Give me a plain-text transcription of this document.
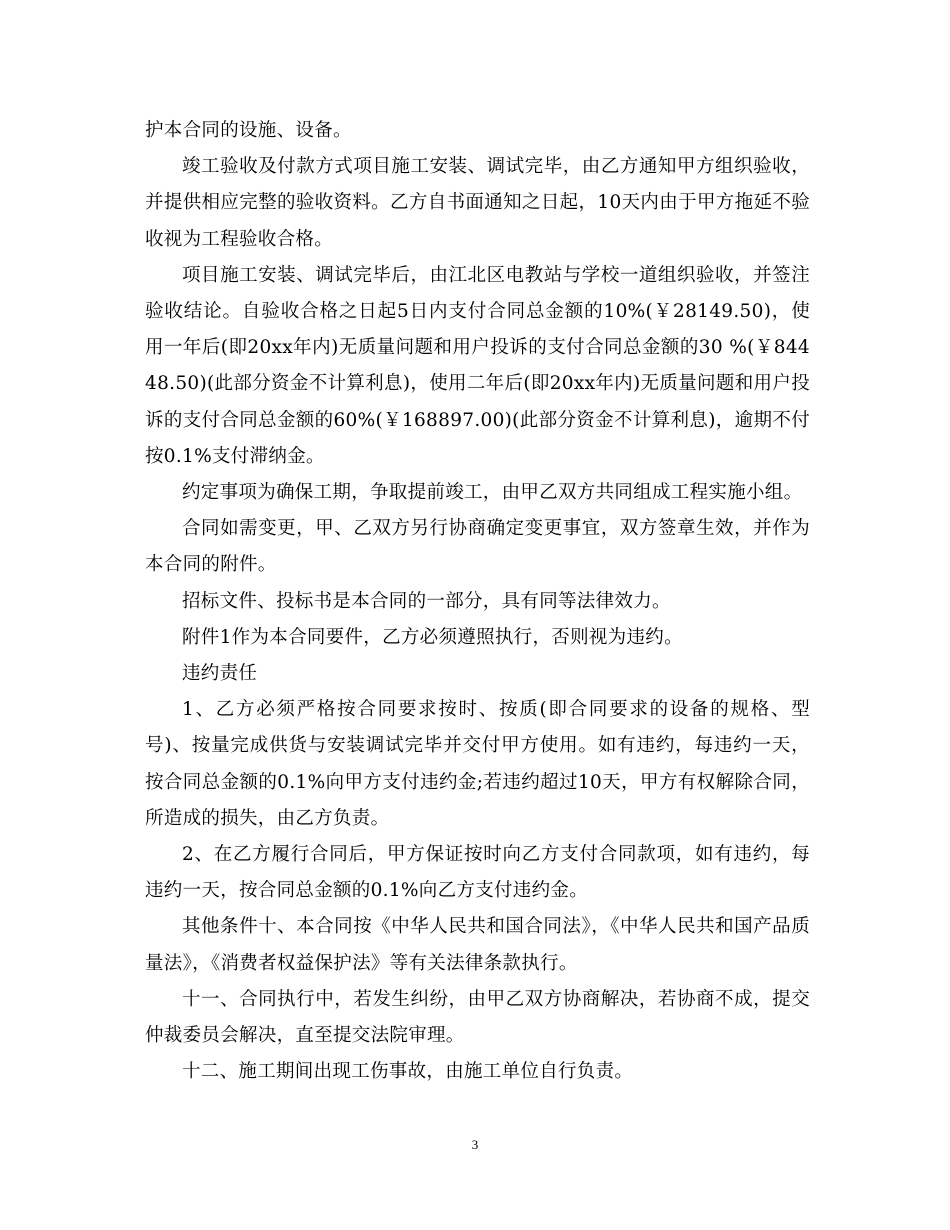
护本合同的设施、设备。

竣工验收及付款方式项目施工安装、调试完毕，由乙方通知甲方组织验收，并提供相应完整的验收资料。乙方自书面通知之日起，10天内由于甲方拖延不验收视为工程验收合格。

项目施工安装、调试完毕后，由江北区电教站与学校一道组织验收，并签注验收结论。自验收合格之日起5日内支付合同总金额的10%(￥28149.50)，使用一年后(即20xx年内)无质量问题和用户投诉的支付合同总金额的30 %(￥84448.50)(此部分资金不计算利息)，使用二年后(即20xx年内)无质量问题和用户投诉的支付合同总金额的60%(￥168897.00)(此部分资金不计算利息)，逾期不付按0.1%支付滞纳金。

约定事项为确保工期，争取提前竣工，由甲乙双方共同组成工程实施小组。

合同如需变更，甲、乙双方另行协商确定变更事宜，双方签章生效，并作为本合同的附件。

招标文件、投标书是本合同的一部分，具有同等法律效力。

附件1作为本合同要件，乙方必须遵照执行，否则视为违约。

违约责任

1、乙方必须严格按合同要求按时、按质(即合同要求的设备的规格、型号)、按量完成供货与安装调试完毕并交付甲方使用。如有违约，每违约一天，按合同总金额的0.1%向甲方支付违约金;若违约超过10天，甲方有权解除合同，所造成的损失，由乙方负责。

2、在乙方履行合同后，甲方保证按时向乙方支付合同款项，如有违约，每违约一天，按合同总金额的0.1%向乙方支付违约金。

其他条件十、本合同按《中华人民共和国合同法》，《中华人民共和国产品质量法》，《消费者权益保护法》等有关法律条款执行。

十一、合同执行中，若发生纠纷，由甲乙双方协商解决，若协商不成，提交仲裁委员会解决，直至提交法院审理。

十二、施工期间出现工伤事故，由施工单位自行负责。

3
